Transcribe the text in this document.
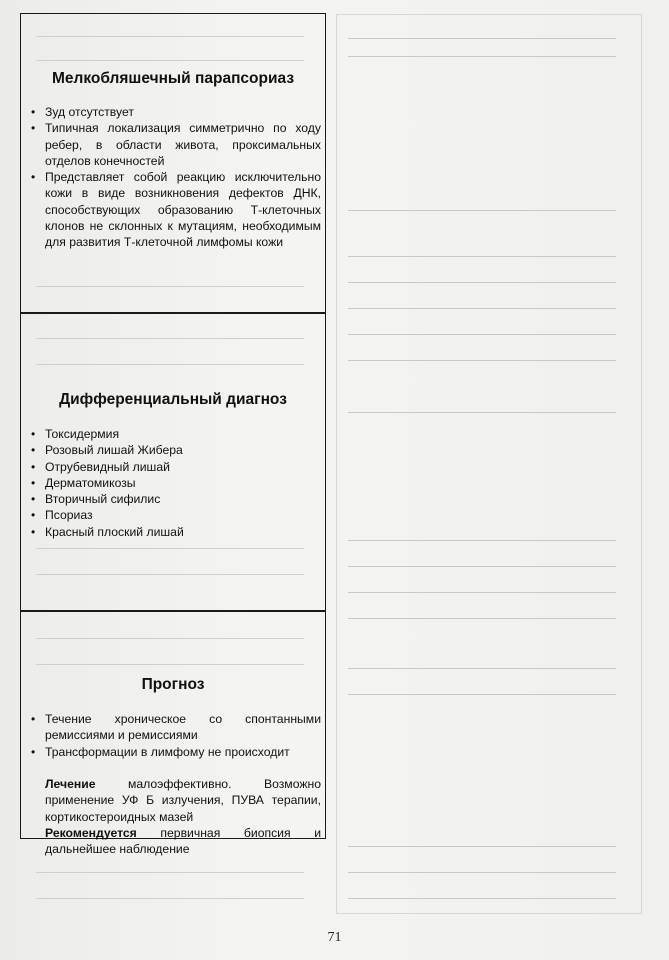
Мелкобляшечный парапсориаз
• Зуд отсутствует
• Типичная локализация симметрично по ходу ребер, в области живота, проксимальных отделов конечностей
• Представляет собой реакцию исключительно кожи в виде возникновения дефектов ДНК, способствующих образованию Т-клеточных клонов не склонных к мутациям, необходимым для развития Т-клеточной лимфомы кожи
Дифференциальный диагноз
• Токсидермия
• Розовый лишай Жибера
• Отрубевидный лишай
• Дерматомикозы
• Вторичный сифилис
• Псориаз
• Красный плоский лишай
Прогноз
• Течение хроническое со спонтанными ремиссиями и ремиссиями
• Трансформации в лимфому не происходит
Лечение малоэффективно. Возможно применение УФ Б излучения, ПУВА терапии, кортикостероидных мазей
Рекомендуется первичная биопсия и дальнейшее наблюдение
71
